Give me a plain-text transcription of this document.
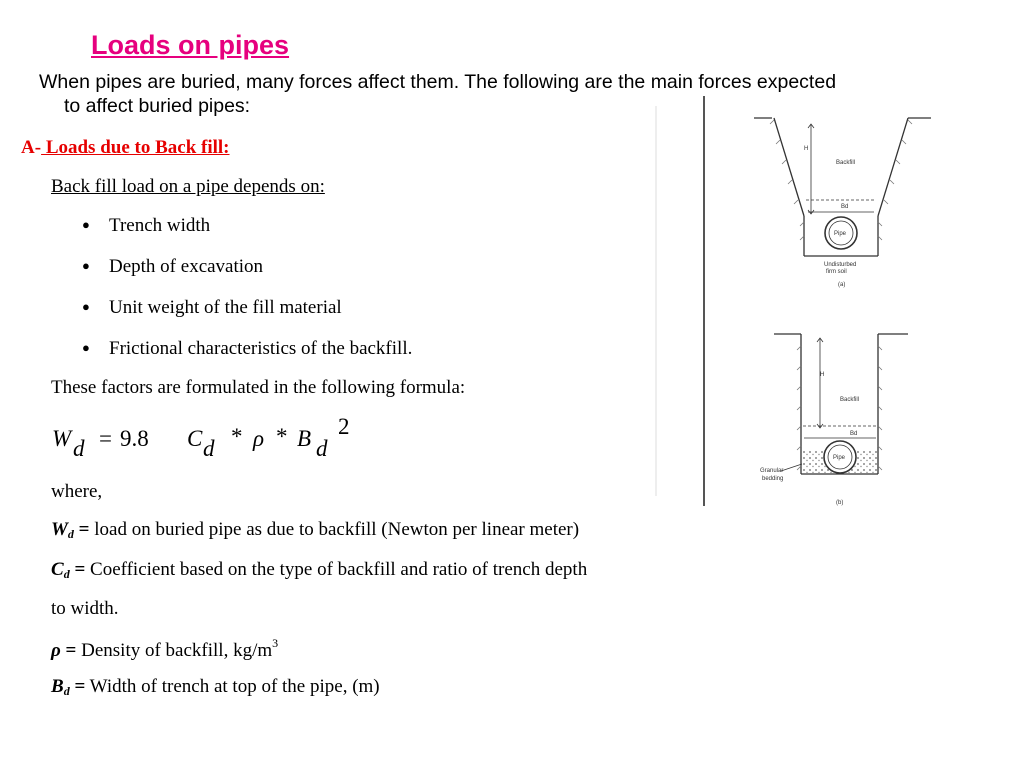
Loads on pipes
When pipes are buried, many forces affect them. The following are the main forces expected
to affect buried pipes:
A- Loads due to Back fill:
Back fill load on a pipe depends on:
● Trench width
● Depth of excavation
● Unit weight of the fill material
● Frictional characteristics of the backfill.
These factors are formulated in the following formula:
W d = 9.8 C d * ρ * B d
2
where,
$W_d$ = load on buried pipe as due to backfill (Newton per linear meter)
$C_d$ = Coefficient based on the type of backfill and ratio of trench depth
to width.
ρ = Density of backfill, $kg/m^3$
$B_d$ = Width of trench at top of the pipe, (m)
H
Backfill
Bd
Pipe
Undisturbed
firm soil
(a)
H
Backfill
Bd
Pipe
Granular
bedding
(b)
